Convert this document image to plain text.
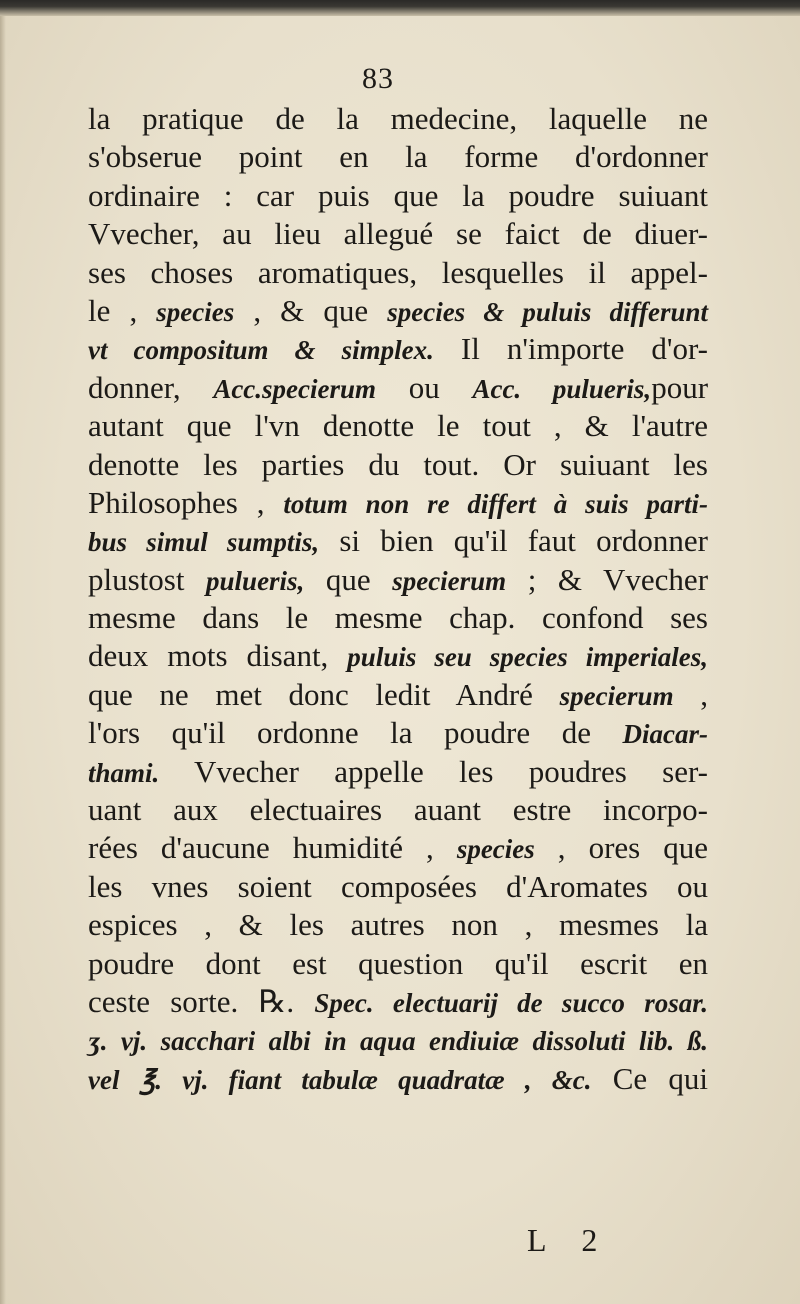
83
la pratique de la medecine, laquelle ne
s'obserue point en la forme d'ordonner
ordinaire : car puis que la poudre suiuant
Vvecher, au lieu allegué se faict de diuer-
ses choses aromatiques, lesquelles il appel-
le , species , & que species & puluis differunt
vt compositum & simplex. Il n'importe d'or-
donner, Acc.specierum ou Acc. pulueris,pour
autant que l'vn denotte le tout , & l'autre
denotte les parties du tout. Or suiuant les
Philosophes , totum non re differt à suis parti-
bus simul sumptis, si bien qu'il faut ordonner
plustost pulueris, que specierum ; & Vvecher
mesme dans le mesme chap. confond ses
deux mots disant, puluis seu species imperiales,
que ne met donc ledit André specierum ,
l'ors qu'il ordonne la poudre de Diacar-
thami. Vvecher appelle les poudres ser-
uant aux electuaires auant estre incorpo-
rées d'aucune humidité , species , ores que
les vnes soient composées d'Aromates ou
espices , & les autres non , mesmes la
poudre dont est question qu'il escrit en
ceste sorte. ℞. Spec. electuarij de succo rosar.
ʒ. vj. sacchari albi in aqua endiuiæ dissoluti lib. ß.
vel ℥. vj. fiant tabulæ quadratæ , &c. Ce qui
L 2
